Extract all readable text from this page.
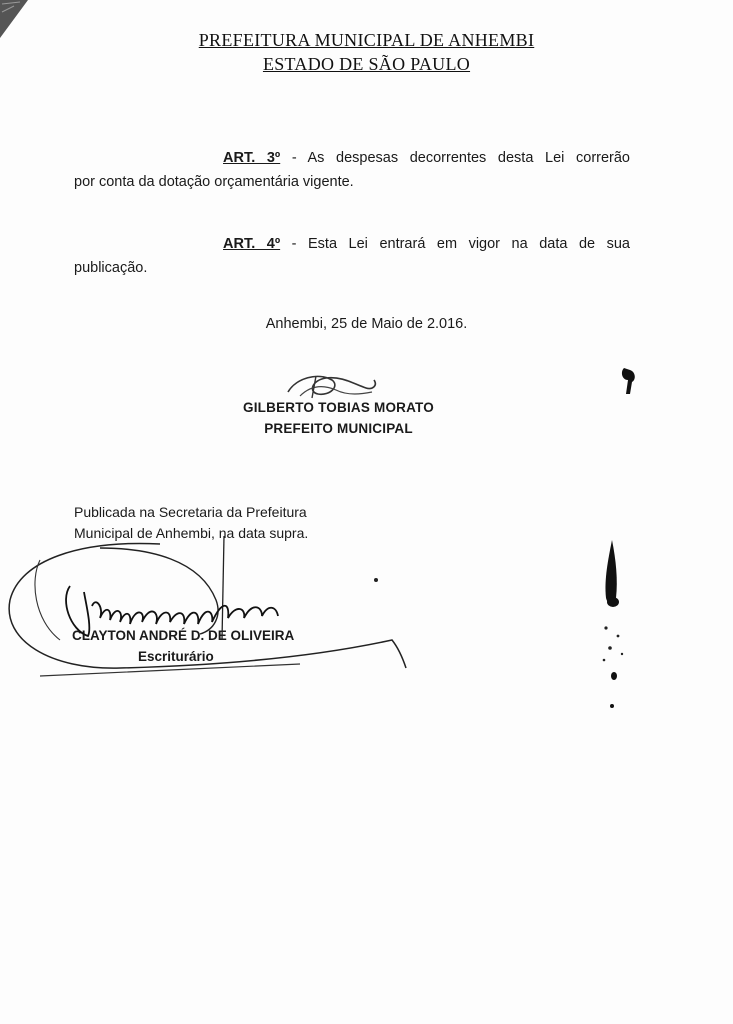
PREFEITURA MUNICIPAL DE ANHEMBI
ESTADO DE SÃO PAULO
ART. 3º - As despesas decorrentes desta Lei correrão
por conta da dotação orçamentária vigente.
ART. 4º - Esta Lei entrará em vigor na data de sua
publicação.
Anhembi, 25 de Maio de 2.016.
GILBERTO TOBIAS MORATO
PREFEITO MUNICIPAL
Publicada na Secretaria da Prefeitura
Municipal de Anhembi, na data supra.
CLAYTON ANDRÉ D. DE OLIVEIRA
Escriturário
